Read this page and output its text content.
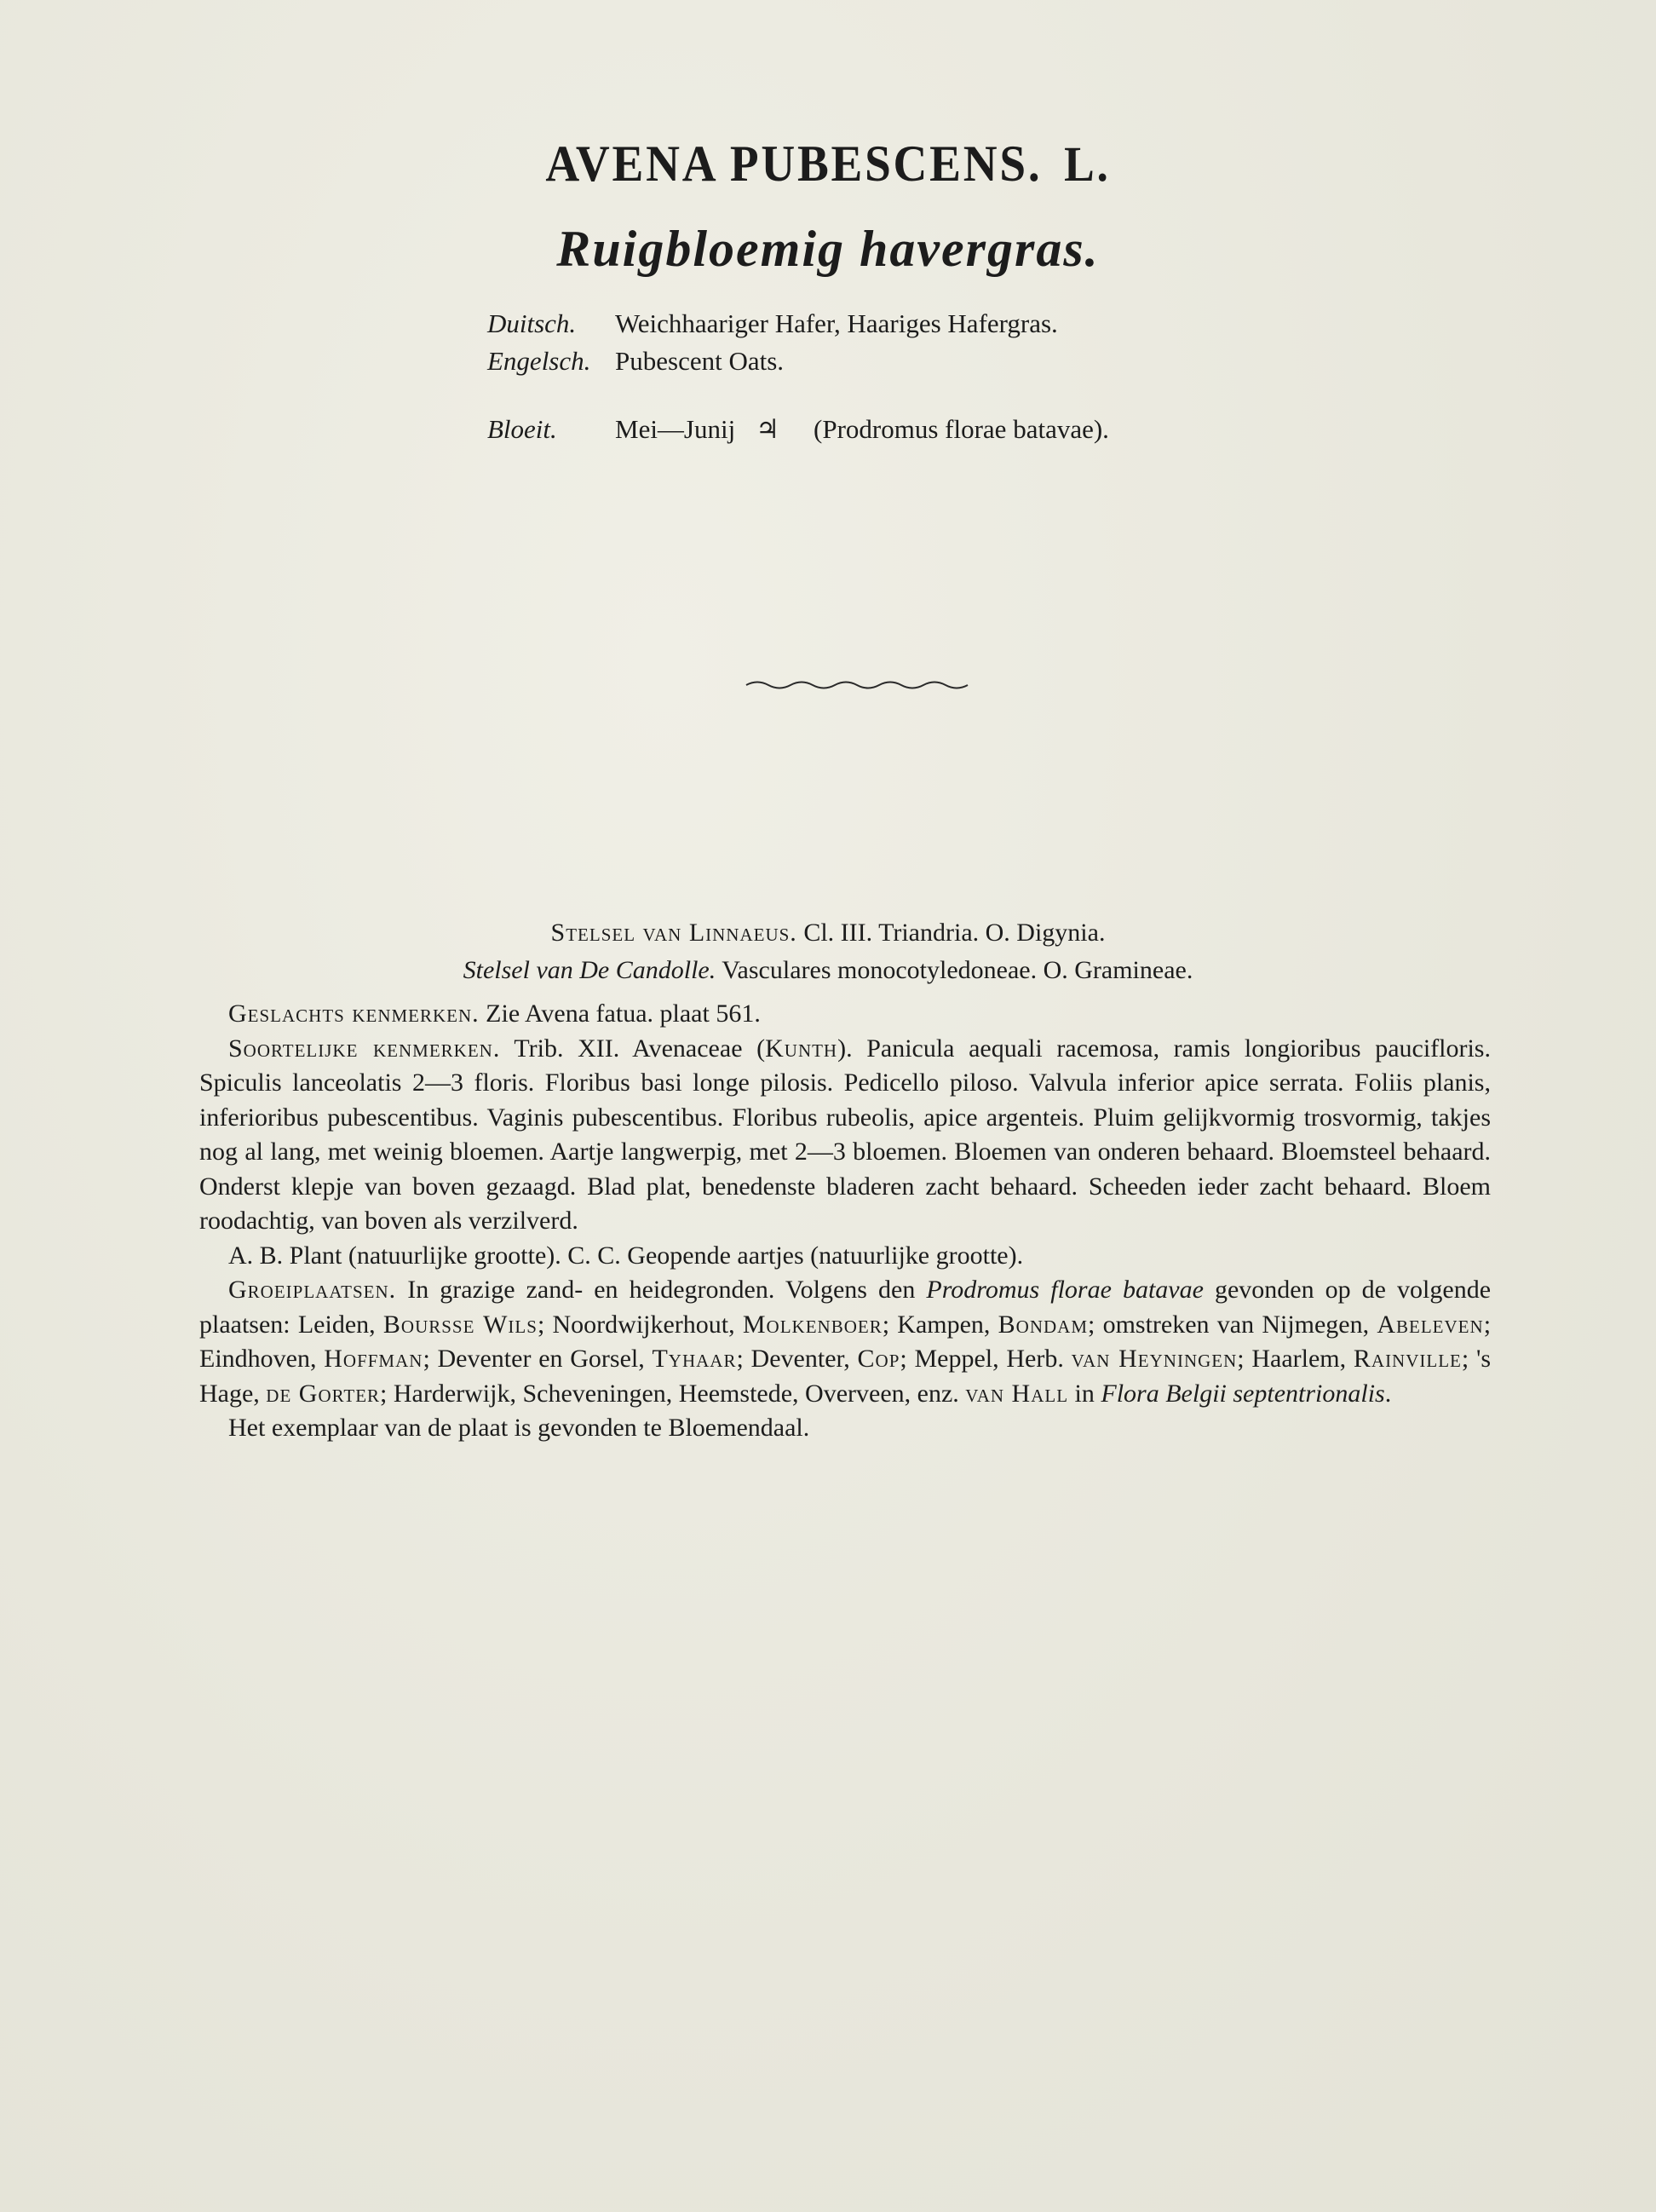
AVENA PUBESCENS. L.
Ruigbloemig havergras.
Duitsch. Weichhaariger Hafer, Haariges Hafergras.
Engelsch. Pubescent Oats.
Bloeit. Mei—Junij ♃ (Prodromus florae batavae).
Stelsel van Linnaeus. Cl. III. Triandria. O. Digynia.
Stelsel van De Candolle. Vasculares monocotyledoneae. O. Gramineae.

Geslachts kenmerken. Zie Avena fatua. plaat 561.

Soortelijke kenmerken. Trib. XII. Avenaceae (Kunth). Panicula aequali racemosa, ramis longioribus paucifloris. Spiculis lanceolatis 2—3 floris. Floribus basi longe pilosis. Pedicello piloso. Valvula inferior apice serrata. Foliis planis, inferioribus pubescentibus. Vaginis pubescentibus. Floribus rubeolis, apice argenteis. Pluim gelijkvormig trosvormig, takjes nog al lang, met weinig bloemen. Aartje langwerpig, met 2—3 bloemen. Bloemen van onderen behaard. Bloemsteel behaard. Onderst klepje van boven gezaagd. Blad plat, benedenste bladeren zacht behaard. Scheeden ieder zacht behaard. Bloem roodachtig, van boven als verzilverd.

A. B. Plant (natuurlijke grootte). C. C. Geopende aartjes (natuurlijke grootte).

Groeiplaatsen. In grazige zand- en heidegronden. Volgens den Prodromus florae batavae gevonden op de volgende plaatsen: Leiden, Boursse Wils; Noordwijkerhout, Molkenboer; Kampen, Bondam; omstreken van Nijmegen, Abeleven; Eindhoven, Hoffman; Deventer en Gorsel, Tyhaar; Deventer, Cop; Meppel, Herb. van Heyningen; Haarlem, Rainville; 's Hage, de Gorter; Harderwijk, Scheveningen, Heemstede, Overveen, enz. van Hall in Flora Belgii septentrionalis.

Het exemplaar van de plaat is gevonden te Bloemendaal.
